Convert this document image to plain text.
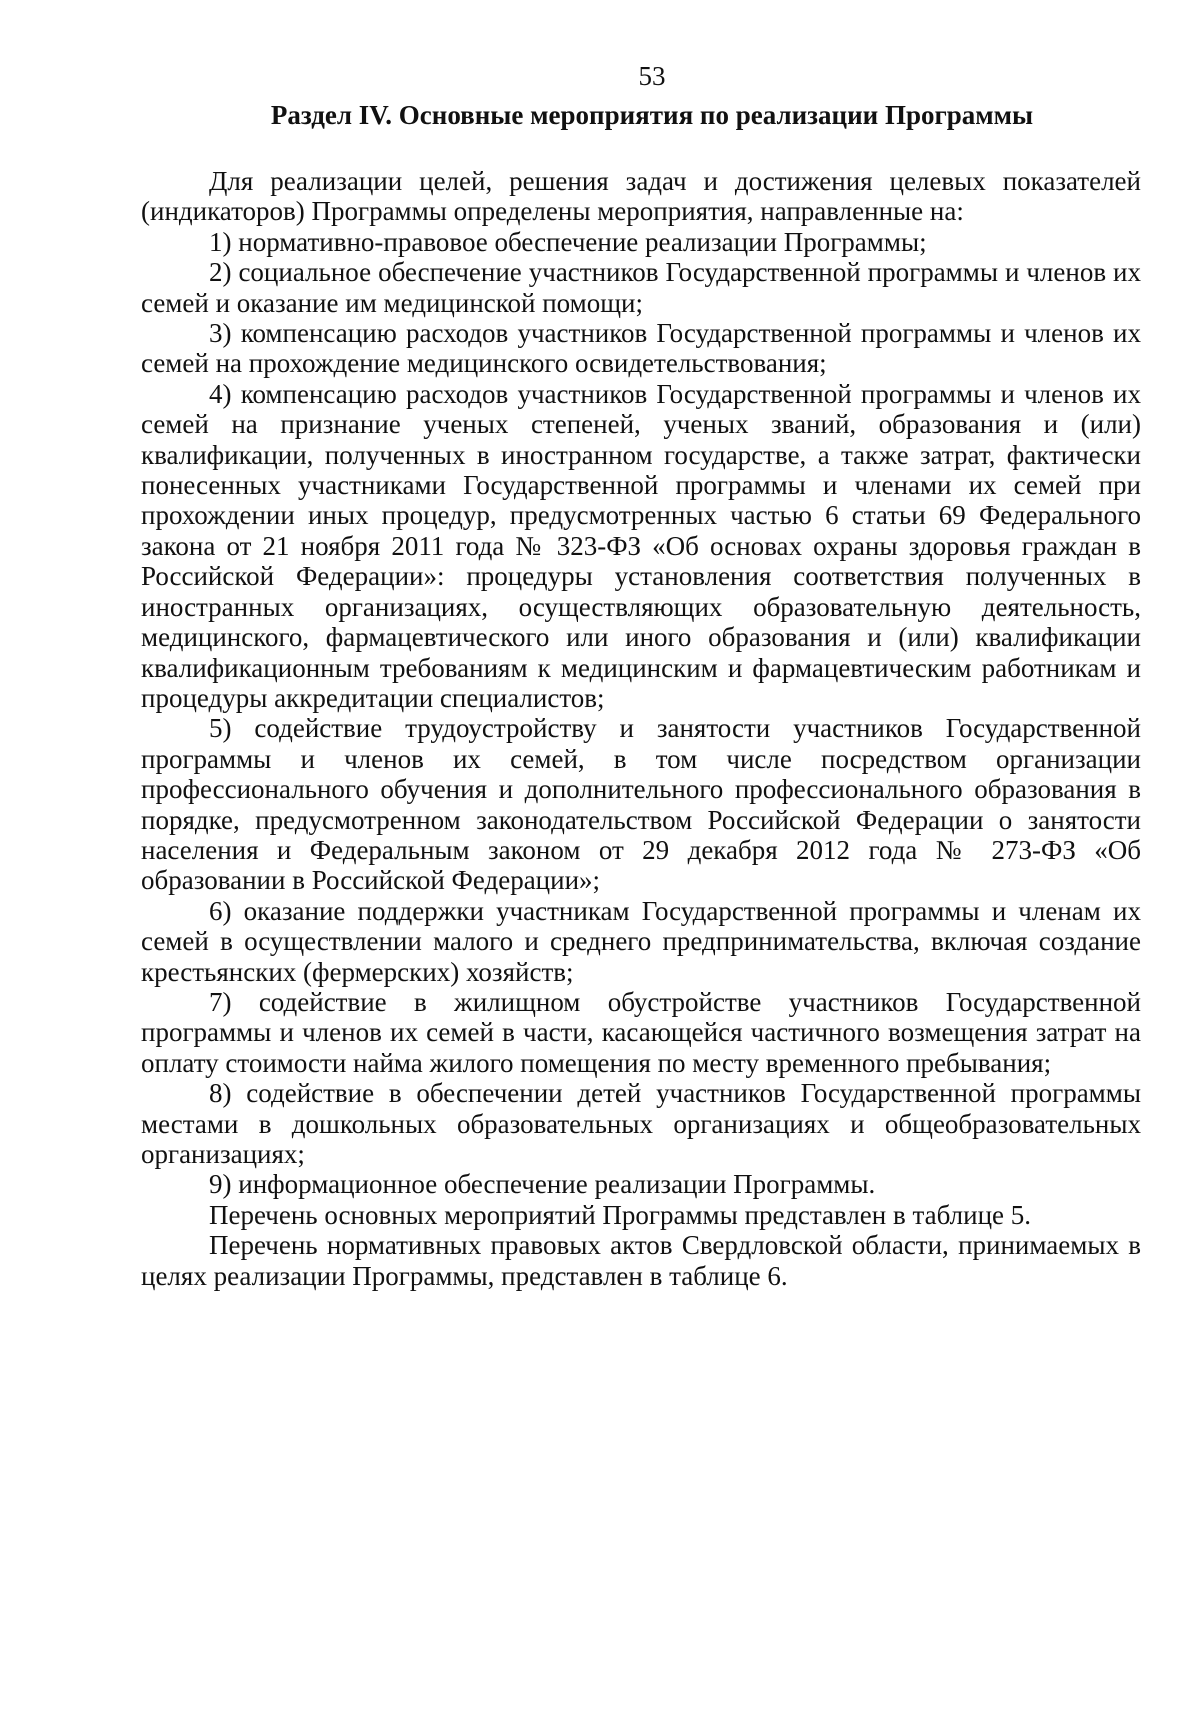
53
Раздел IV. Основные мероприятия по реализации Программы

Для реализации целей, решения задач и достижения целевых показателей (индикаторов) Программы определены мероприятия, направленные на:

1) нормативно-правовое обеспечение реализации Программы;

2) социальное обеспечение участников Государственной программы и членов их семей и оказание им медицинской помощи;

3) компенсацию расходов участников Государственной программы и членов их семей на прохождение медицинского освидетельствования;

4) компенсацию расходов участников Государственной программы и членов их семей на признание ученых степеней, ученых званий, образования и (или) квалификации, полученных в иностранном государстве, а также затрат, фактически понесенных участниками Государственной программы и членами их семей при прохождении иных процедур, предусмотренных частью 6 статьи 69 Федерального закона от 21 ноября 2011 года № 323-ФЗ «Об основах охраны здоровья граждан в Российской Федерации»: процедуры установления соответствия полученных в иностранных организациях, осуществляющих образовательную деятельность, медицинского, фармацевтического или иного образования и (или) квалификации квалификационным требованиям к медицинским и фармацевтическим работникам и процедуры аккредитации специалистов;

5) содействие трудоустройству и занятости участников Государственной программы и членов их семей, в том числе посредством организации профессионального обучения и дополнительного профессионального образования в порядке, предусмотренном законодательством Российской Федерации о занятости населения и Федеральным законом от 29 декабря 2012 года № 273-ФЗ «Об образовании в Российской Федерации»;

6) оказание поддержки участникам Государственной программы и членам их семей в осуществлении малого и среднего предпринимательства, включая создание крестьянских (фермерских) хозяйств;

7) содействие в жилищном обустройстве участников Государственной программы и членов их семей в части, касающейся частичного возмещения затрат на оплату стоимости найма жилого помещения по месту временного пребывания;

8) содействие в обеспечении детей участников Государственной программы местами в дошкольных образовательных организациях и общеобразовательных организациях;

9) информационное обеспечение реализации Программы.

Перечень основных мероприятий Программы представлен в таблице 5.

Перечень нормативных правовых актов Свердловской области, принимаемых в целях реализации Программы, представлен в таблице 6.
